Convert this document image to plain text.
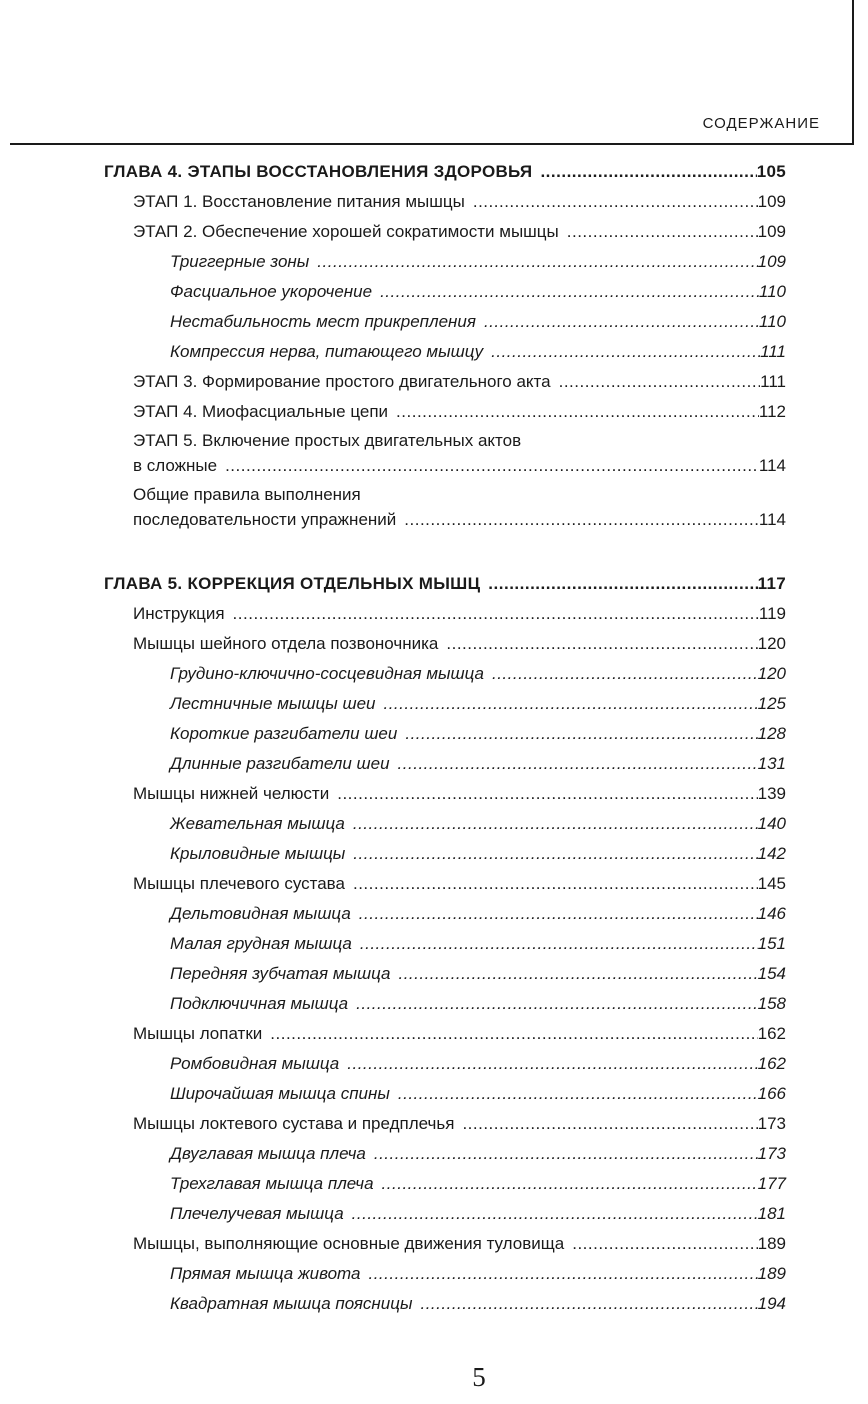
СОДЕРЖАНИЕ
ГЛАВА 4. ЭТАПЫ ВОССТАНОВЛЕНИЯ ЗДОРОВЬЯ .....	105
ЭТАП 1. Восстановление питания мышцы .....	109
ЭТАП 2. Обеспечение хорошей сократимости мышцы .....	109
Триггерные зоны .....	109
Фасциальное укорочение .....	110
Нестабильность мест прикрепления .....	110
Компрессия нерва, питающего мышцу .....	111
ЭТАП 3. Формирование простого двигательного акта .....	111
ЭТАП 4. Миофасциальные цепи .....	112
ЭТАП 5. Включение простых двигательных актов
в сложные .....	114
Общие правила выполнения
последовательности упражнений .....	114
ГЛАВА 5. КОРРЕКЦИЯ ОТДЕЛЬНЫХ МЫШЦ .....	117
Инструкция .....	119
Мышцы шейного отдела позвоночника .....	120
Грудино-ключично-сосцевидная мышца .....	120
Лестничные мышцы шеи .....	125
Короткие разгибатели шеи .....	128
Длинные разгибатели шеи .....	131
Мышцы нижней челюсти .....	139
Жевательная мышца .....	140
Крыловидные мышцы .....	142
Мышцы плечевого сустава .....	145
Дельтовидная мышца .....	146
Малая грудная мышца .....	151
Передняя зубчатая мышца .....	154
Подключичная мышца .....	158
Мышцы лопатки .....	162
Ромбовидная мышца .....	162
Широчайшая мышца спины .....	166
Мышцы локтевого сустава и предплечья .....	173
Двуглавая мышца плеча .....	173
Трехглавая мышца плеча .....	177
Плечелучевая мышца .....	181
Мышцы, выполняющие основные движения туловища .....	189
Прямая мышца живота .....	189
Квадратная мышца поясницы .....	194
5
